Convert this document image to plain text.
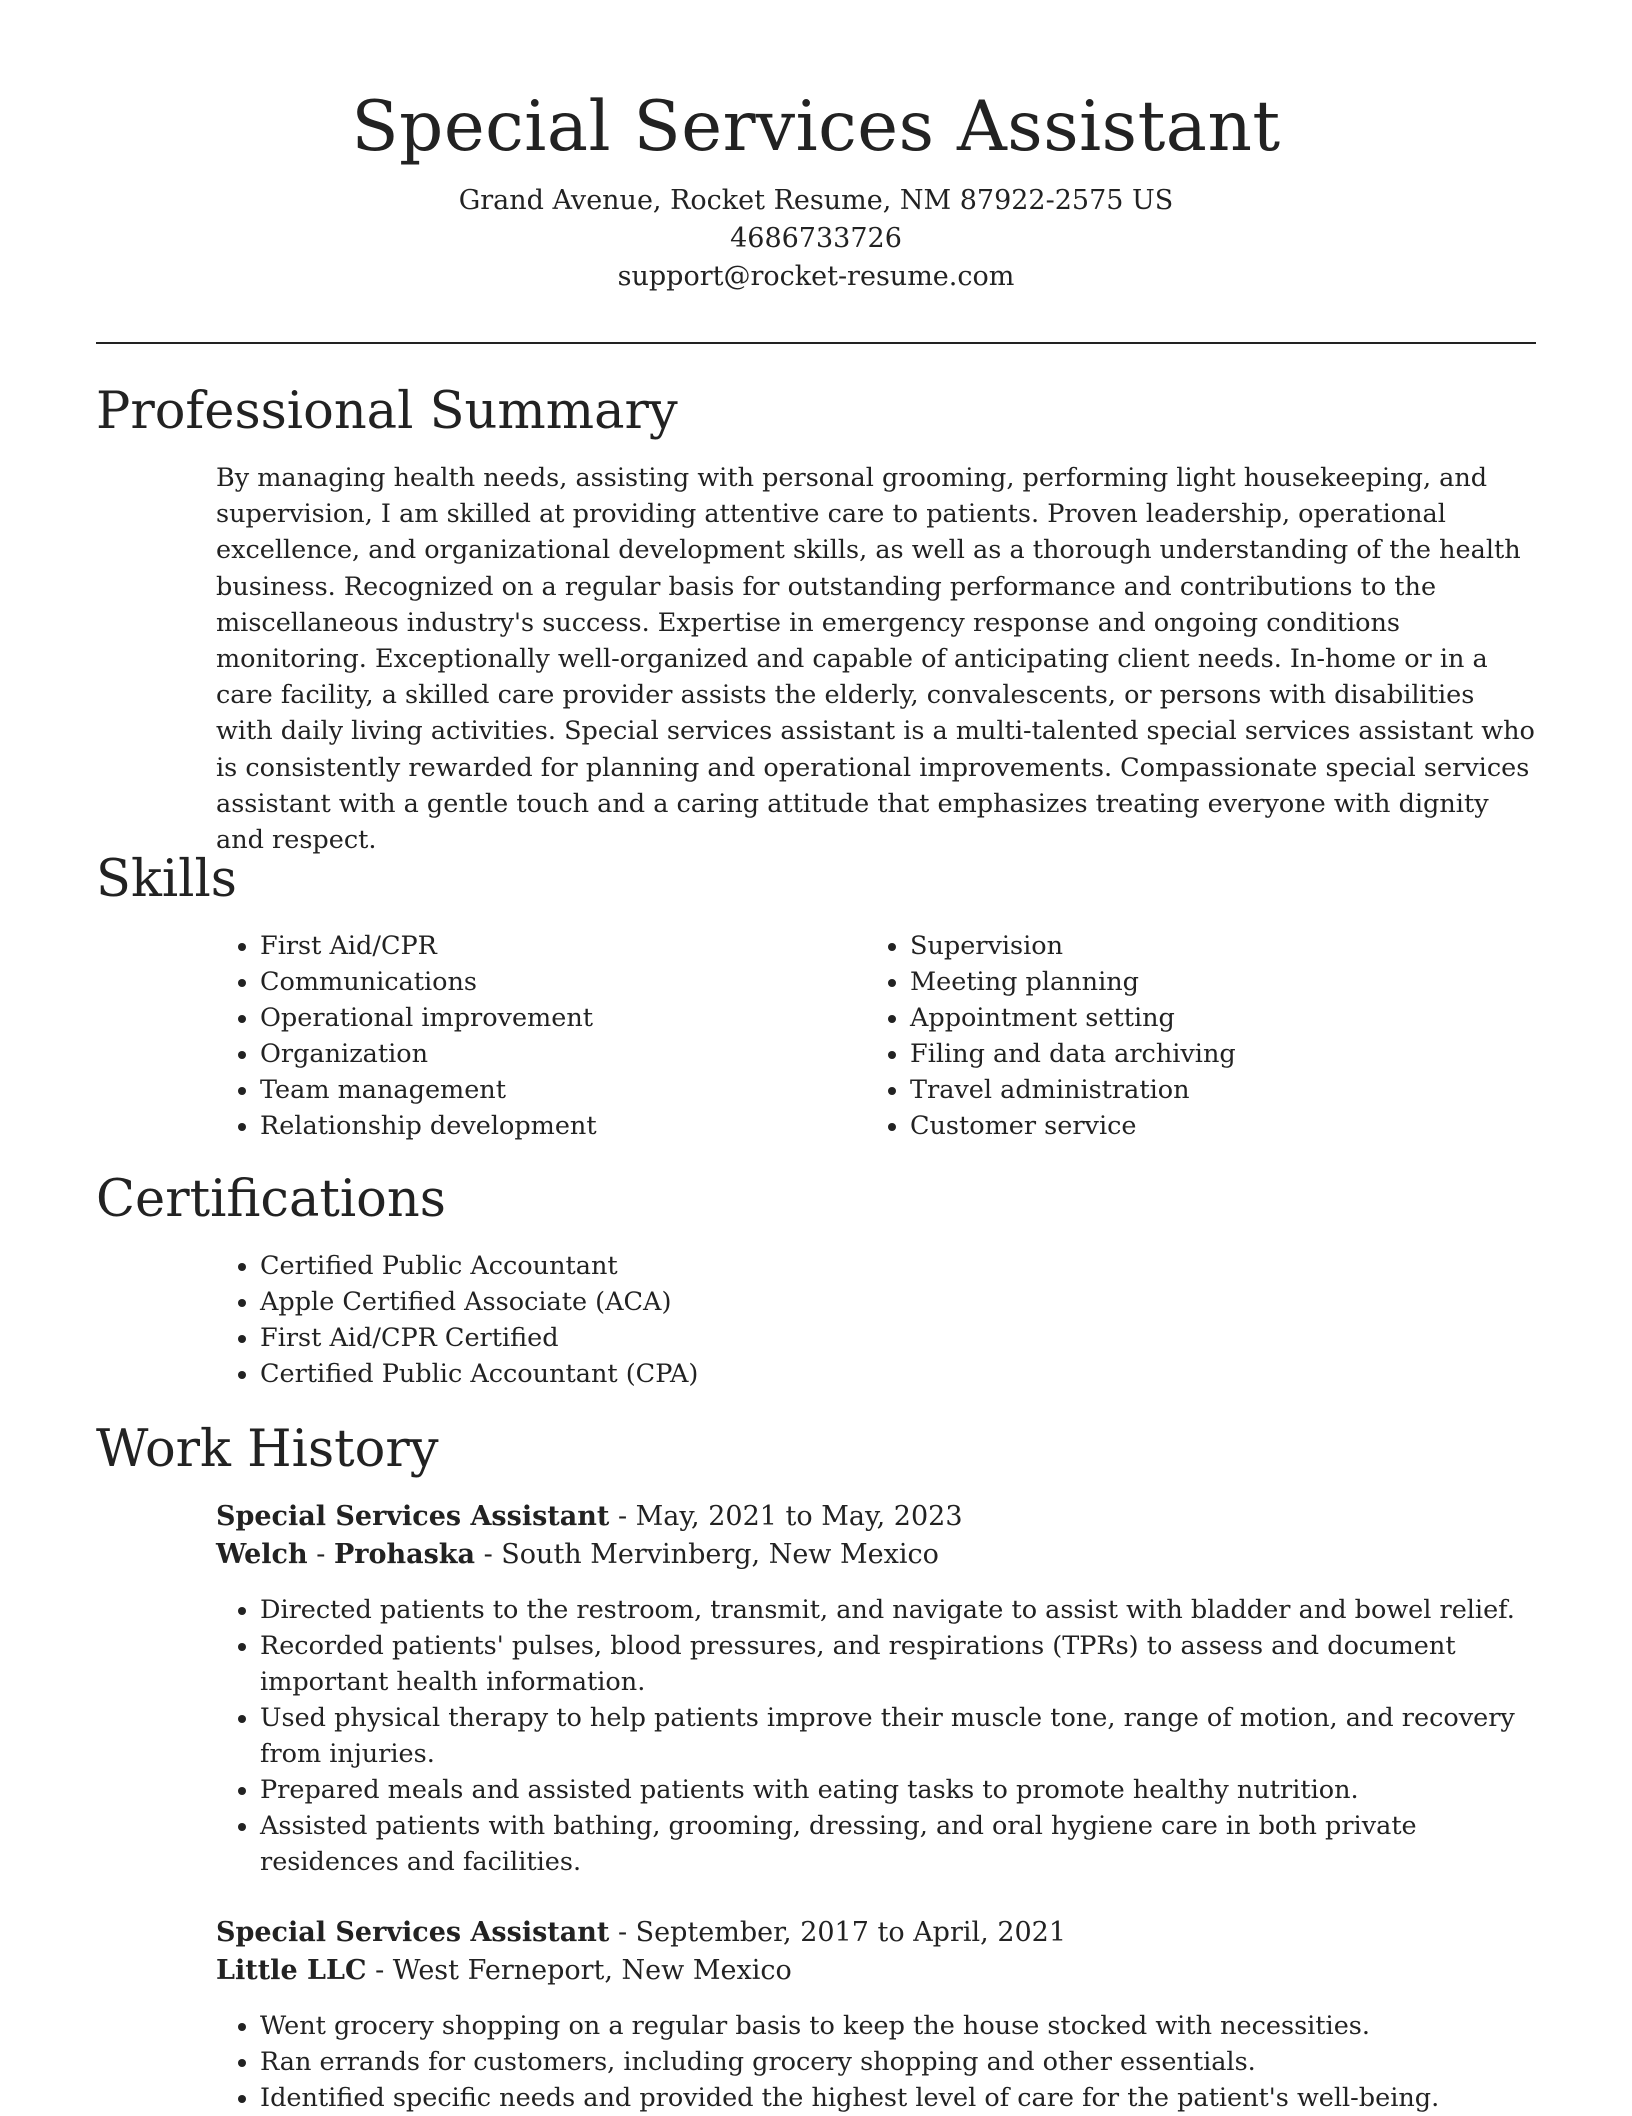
Special Services Assistant
Grand Avenue, Rocket Resume, NM 87922-2575 US
4686733726
support@rocket-resume.com
Professional Summary

By managing health needs, assisting with personal grooming, performing light housekeeping, and supervision, I am skilled at providing attentive care to patients. Proven leadership, operational excellence, and organizational development skills, as well as a thorough understanding of the health business. Recognized on a regular basis for outstanding performance and contributions to the miscellaneous industry's success. Expertise in emergency response and ongoing conditions monitoring. Exceptionally well-organized and capable of anticipating client needs. In-home or in a care facility, a skilled care provider assists the elderly, convalescents, or persons with disabilities with daily living activities. Special services assistant is a multi-talented special services assistant who is consistently rewarded for planning and operational improvements. Compassionate special services assistant with a gentle touch and a caring attitude that emphasizes treating everyone with dignity and respect.

Skills
• First Aid/CPR
• Communications
• Operational improvement
• Organization
• Team management
• Relationship development
• Supervision
• Meeting planning
• Appointment setting
• Filing and data archiving
• Travel administration
• Customer service
Certifications
• Certified Public Accountant
• Apple Certified Associate (ACA)
• First Aid/CPR Certified
• Certified Public Accountant (CPA)
Work History
Special Services Assistant - May, 2021 to May, 2023
Welch - Prohaska - South Mervinberg, New Mexico
• Directed patients to the restroom, transmit, and navigate to assist with bladder and bowel relief.
• Recorded patients' pulses, blood pressures, and respirations (TPRs) to assess and document important health information.
• Used physical therapy to help patients improve their muscle tone, range of motion, and recovery from injuries.
• Prepared meals and assisted patients with eating tasks to promote healthy nutrition.
• Assisted patients with bathing, grooming, dressing, and oral hygiene care in both private residences and facilities.
Special Services Assistant - September, 2017 to April, 2021
Little LLC - West Ferneport, New Mexico
• Went grocery shopping on a regular basis to keep the house stocked with necessities.
• Ran errands for customers, including grocery shopping and other essentials.
• Identified specific needs and provided the highest level of care for the patient's well-being.
